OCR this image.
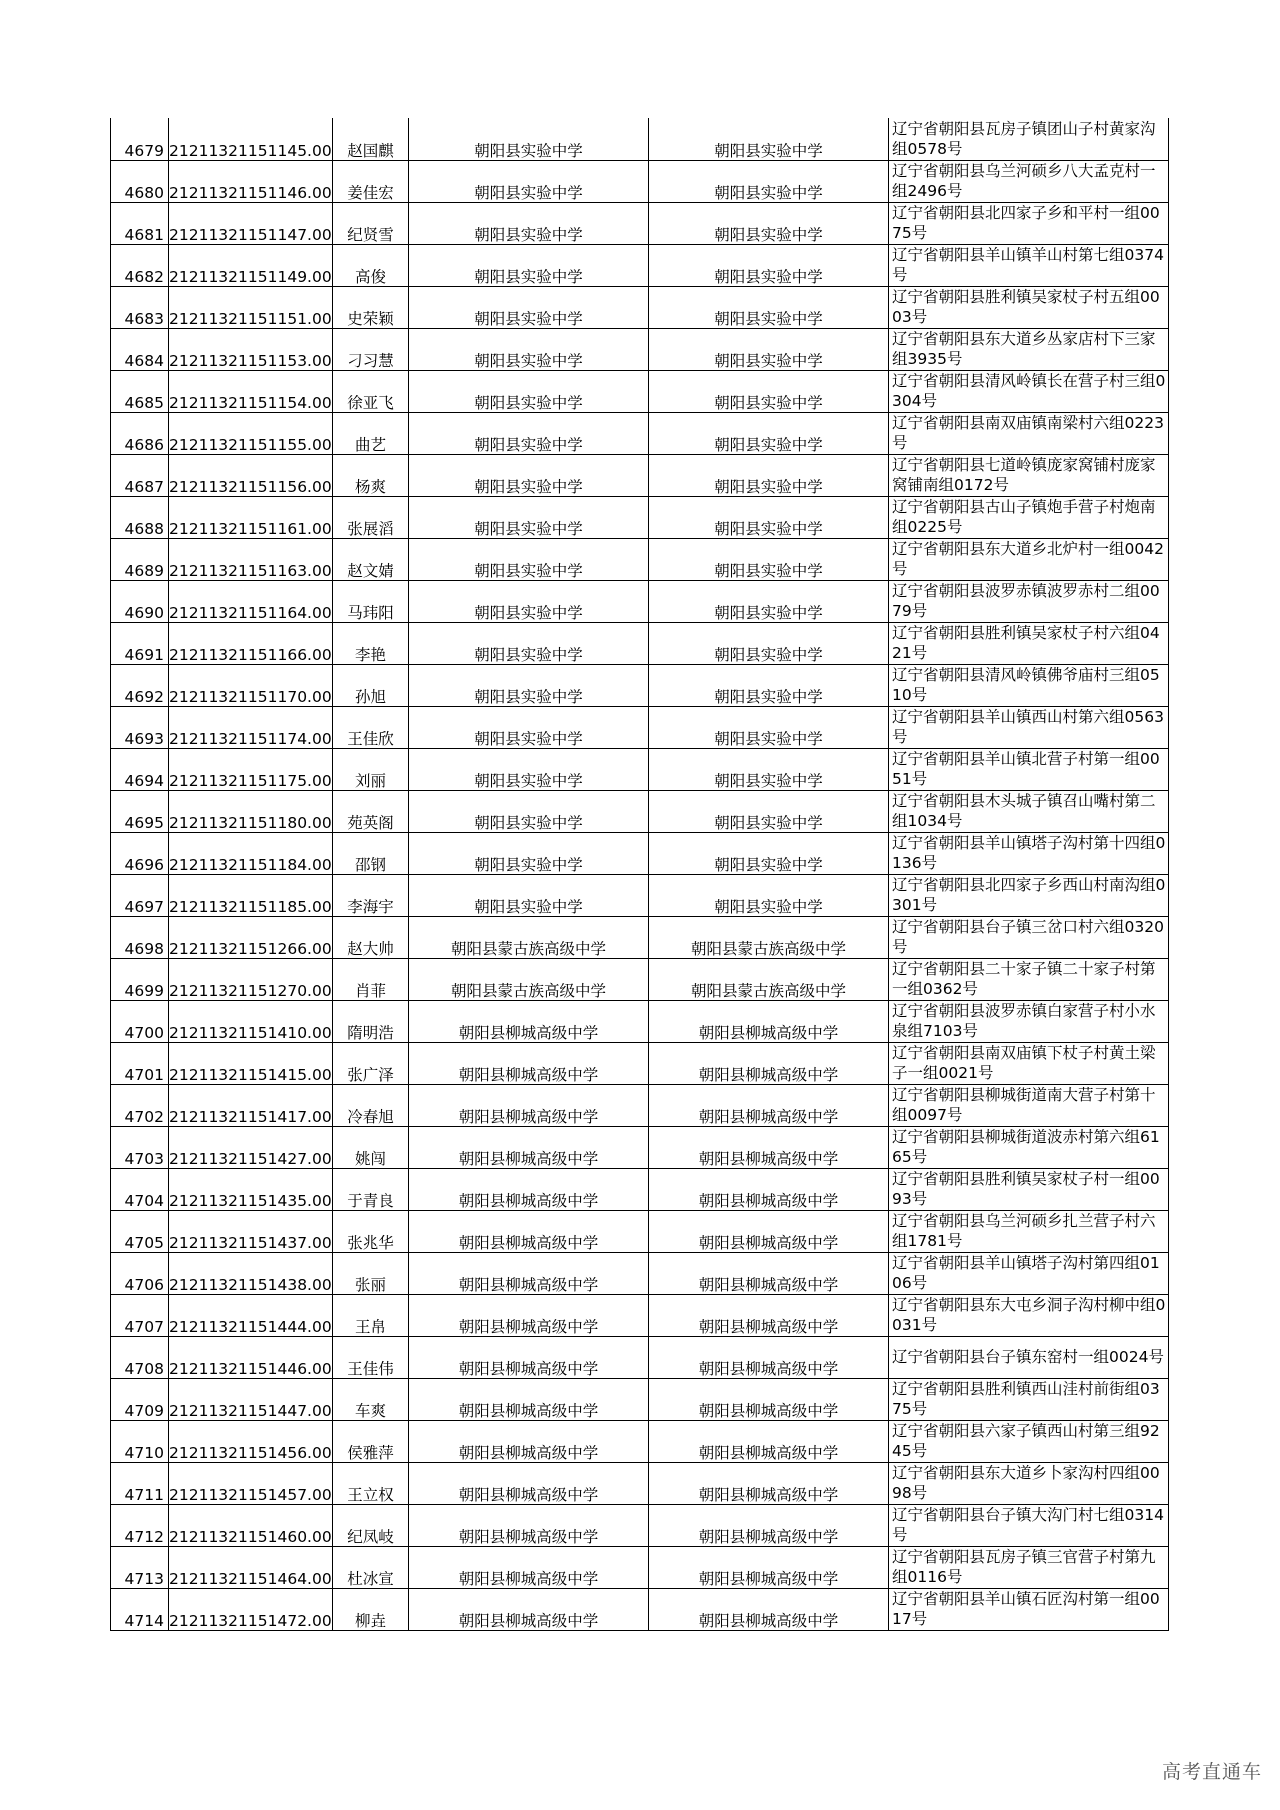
4679	21211321151145.00	赵国麒	朝阳县实验中学	朝阳县实验中学	辽宁省朝阳县瓦房子镇团山子村黄家沟组0578号
4680	21211321151146.00	姜佳宏	朝阳县实验中学	朝阳县实验中学	辽宁省朝阳县乌兰河硕乡八大孟克村一组2496号
4681	21211321151147.00	纪贤雪	朝阳县实验中学	朝阳县实验中学	辽宁省朝阳县北四家子乡和平村一组0075号
4682	21211321151149.00	高俊	朝阳县实验中学	朝阳县实验中学	辽宁省朝阳县羊山镇羊山村第七组0374号
4683	21211321151151.00	史荣颖	朝阳县实验中学	朝阳县实验中学	辽宁省朝阳县胜利镇吴家杖子村五组0003号
4684	21211321151153.00	刁习慧	朝阳县实验中学	朝阳县实验中学	辽宁省朝阳县东大道乡丛家店村下三家组3935号
4685	21211321151154.00	徐亚飞	朝阳县实验中学	朝阳县实验中学	辽宁省朝阳县清风岭镇长在营子村三组0304号
4686	21211321151155.00	曲艺	朝阳县实验中学	朝阳县实验中学	辽宁省朝阳县南双庙镇南梁村六组0223号
4687	21211321151156.00	杨爽	朝阳县实验中学	朝阳县实验中学	辽宁省朝阳县七道岭镇庞家窝铺村庞家窝铺南组0172号
4688	21211321151161.00	张展滔	朝阳县实验中学	朝阳县实验中学	辽宁省朝阳县古山子镇炮手营子村炮南组0225号
4689	21211321151163.00	赵文婧	朝阳县实验中学	朝阳县实验中学	辽宁省朝阳县东大道乡北炉村一组0042号
4690	21211321151164.00	马玮阳	朝阳县实验中学	朝阳县实验中学	辽宁省朝阳县波罗赤镇波罗赤村二组0079号
4691	21211321151166.00	李艳	朝阳县实验中学	朝阳县实验中学	辽宁省朝阳县胜利镇吴家杖子村六组0421号
4692	21211321151170.00	孙旭	朝阳县实验中学	朝阳县实验中学	辽宁省朝阳县清风岭镇佛爷庙村三组0510号
4693	21211321151174.00	王佳欣	朝阳县实验中学	朝阳县实验中学	辽宁省朝阳县羊山镇西山村第六组0563号
4694	21211321151175.00	刘丽	朝阳县实验中学	朝阳县实验中学	辽宁省朝阳县羊山镇北营子村第一组0051号
4695	21211321151180.00	苑英阁	朝阳县实验中学	朝阳县实验中学	辽宁省朝阳县木头城子镇召山嘴村第二组1034号
4696	21211321151184.00	邵钢	朝阳县实验中学	朝阳县实验中学	辽宁省朝阳县羊山镇塔子沟村第十四组0136号
4697	21211321151185.00	李海宇	朝阳县实验中学	朝阳县实验中学	辽宁省朝阳县北四家子乡西山村南沟组0301号
4698	21211321151266.00	赵大帅	朝阳县蒙古族高级中学	朝阳县蒙古族高级中学	辽宁省朝阳县台子镇三岔口村六组0320号
4699	21211321151270.00	肖菲	朝阳县蒙古族高级中学	朝阳县蒙古族高级中学	辽宁省朝阳县二十家子镇二十家子村第一组0362号
4700	21211321151410.00	隋明浩	朝阳县柳城高级中学	朝阳县柳城高级中学	辽宁省朝阳县波罗赤镇白家营子村小水泉组7103号
4701	21211321151415.00	张广泽	朝阳县柳城高级中学	朝阳县柳城高级中学	辽宁省朝阳县南双庙镇下杖子村黄土梁子一组0021号
4702	21211321151417.00	冷春旭	朝阳县柳城高级中学	朝阳县柳城高级中学	辽宁省朝阳县柳城街道南大营子村第十组0097号
4703	21211321151427.00	姚闯	朝阳县柳城高级中学	朝阳县柳城高级中学	辽宁省朝阳县柳城街道波赤村第六组6165号
4704	21211321151435.00	于青良	朝阳县柳城高级中学	朝阳县柳城高级中学	辽宁省朝阳县胜利镇吴家杖子村一组0093号
4705	21211321151437.00	张兆华	朝阳县柳城高级中学	朝阳县柳城高级中学	辽宁省朝阳县乌兰河硕乡扎兰营子村六组1781号
4706	21211321151438.00	张丽	朝阳县柳城高级中学	朝阳县柳城高级中学	辽宁省朝阳县羊山镇塔子沟村第四组0106号
4707	21211321151444.00	王帛	朝阳县柳城高级中学	朝阳县柳城高级中学	辽宁省朝阳县东大屯乡洞子沟村柳中组0031号
4708	21211321151446.00	王佳伟	朝阳县柳城高级中学	朝阳县柳城高级中学	辽宁省朝阳县台子镇东窑村一组0024号
4709	21211321151447.00	车爽	朝阳县柳城高级中学	朝阳县柳城高级中学	辽宁省朝阳县胜利镇西山洼村前街组0375号
4710	21211321151456.00	侯雅萍	朝阳县柳城高级中学	朝阳县柳城高级中学	辽宁省朝阳县六家子镇西山村第三组9245号
4711	21211321151457.00	王立权	朝阳县柳城高级中学	朝阳县柳城高级中学	辽宁省朝阳县东大道乡卜家沟村四组0098号
4712	21211321151460.00	纪凤岐	朝阳县柳城高级中学	朝阳县柳城高级中学	辽宁省朝阳县台子镇大沟门村七组0314号
4713	21211321151464.00	杜冰宣	朝阳县柳城高级中学	朝阳县柳城高级中学	辽宁省朝阳县瓦房子镇三官营子村第九组0116号
4714	21211321151472.00	柳垚	朝阳县柳城高级中学	朝阳县柳城高级中学	辽宁省朝阳县羊山镇石匠沟村第一组0017号
高考直通车
